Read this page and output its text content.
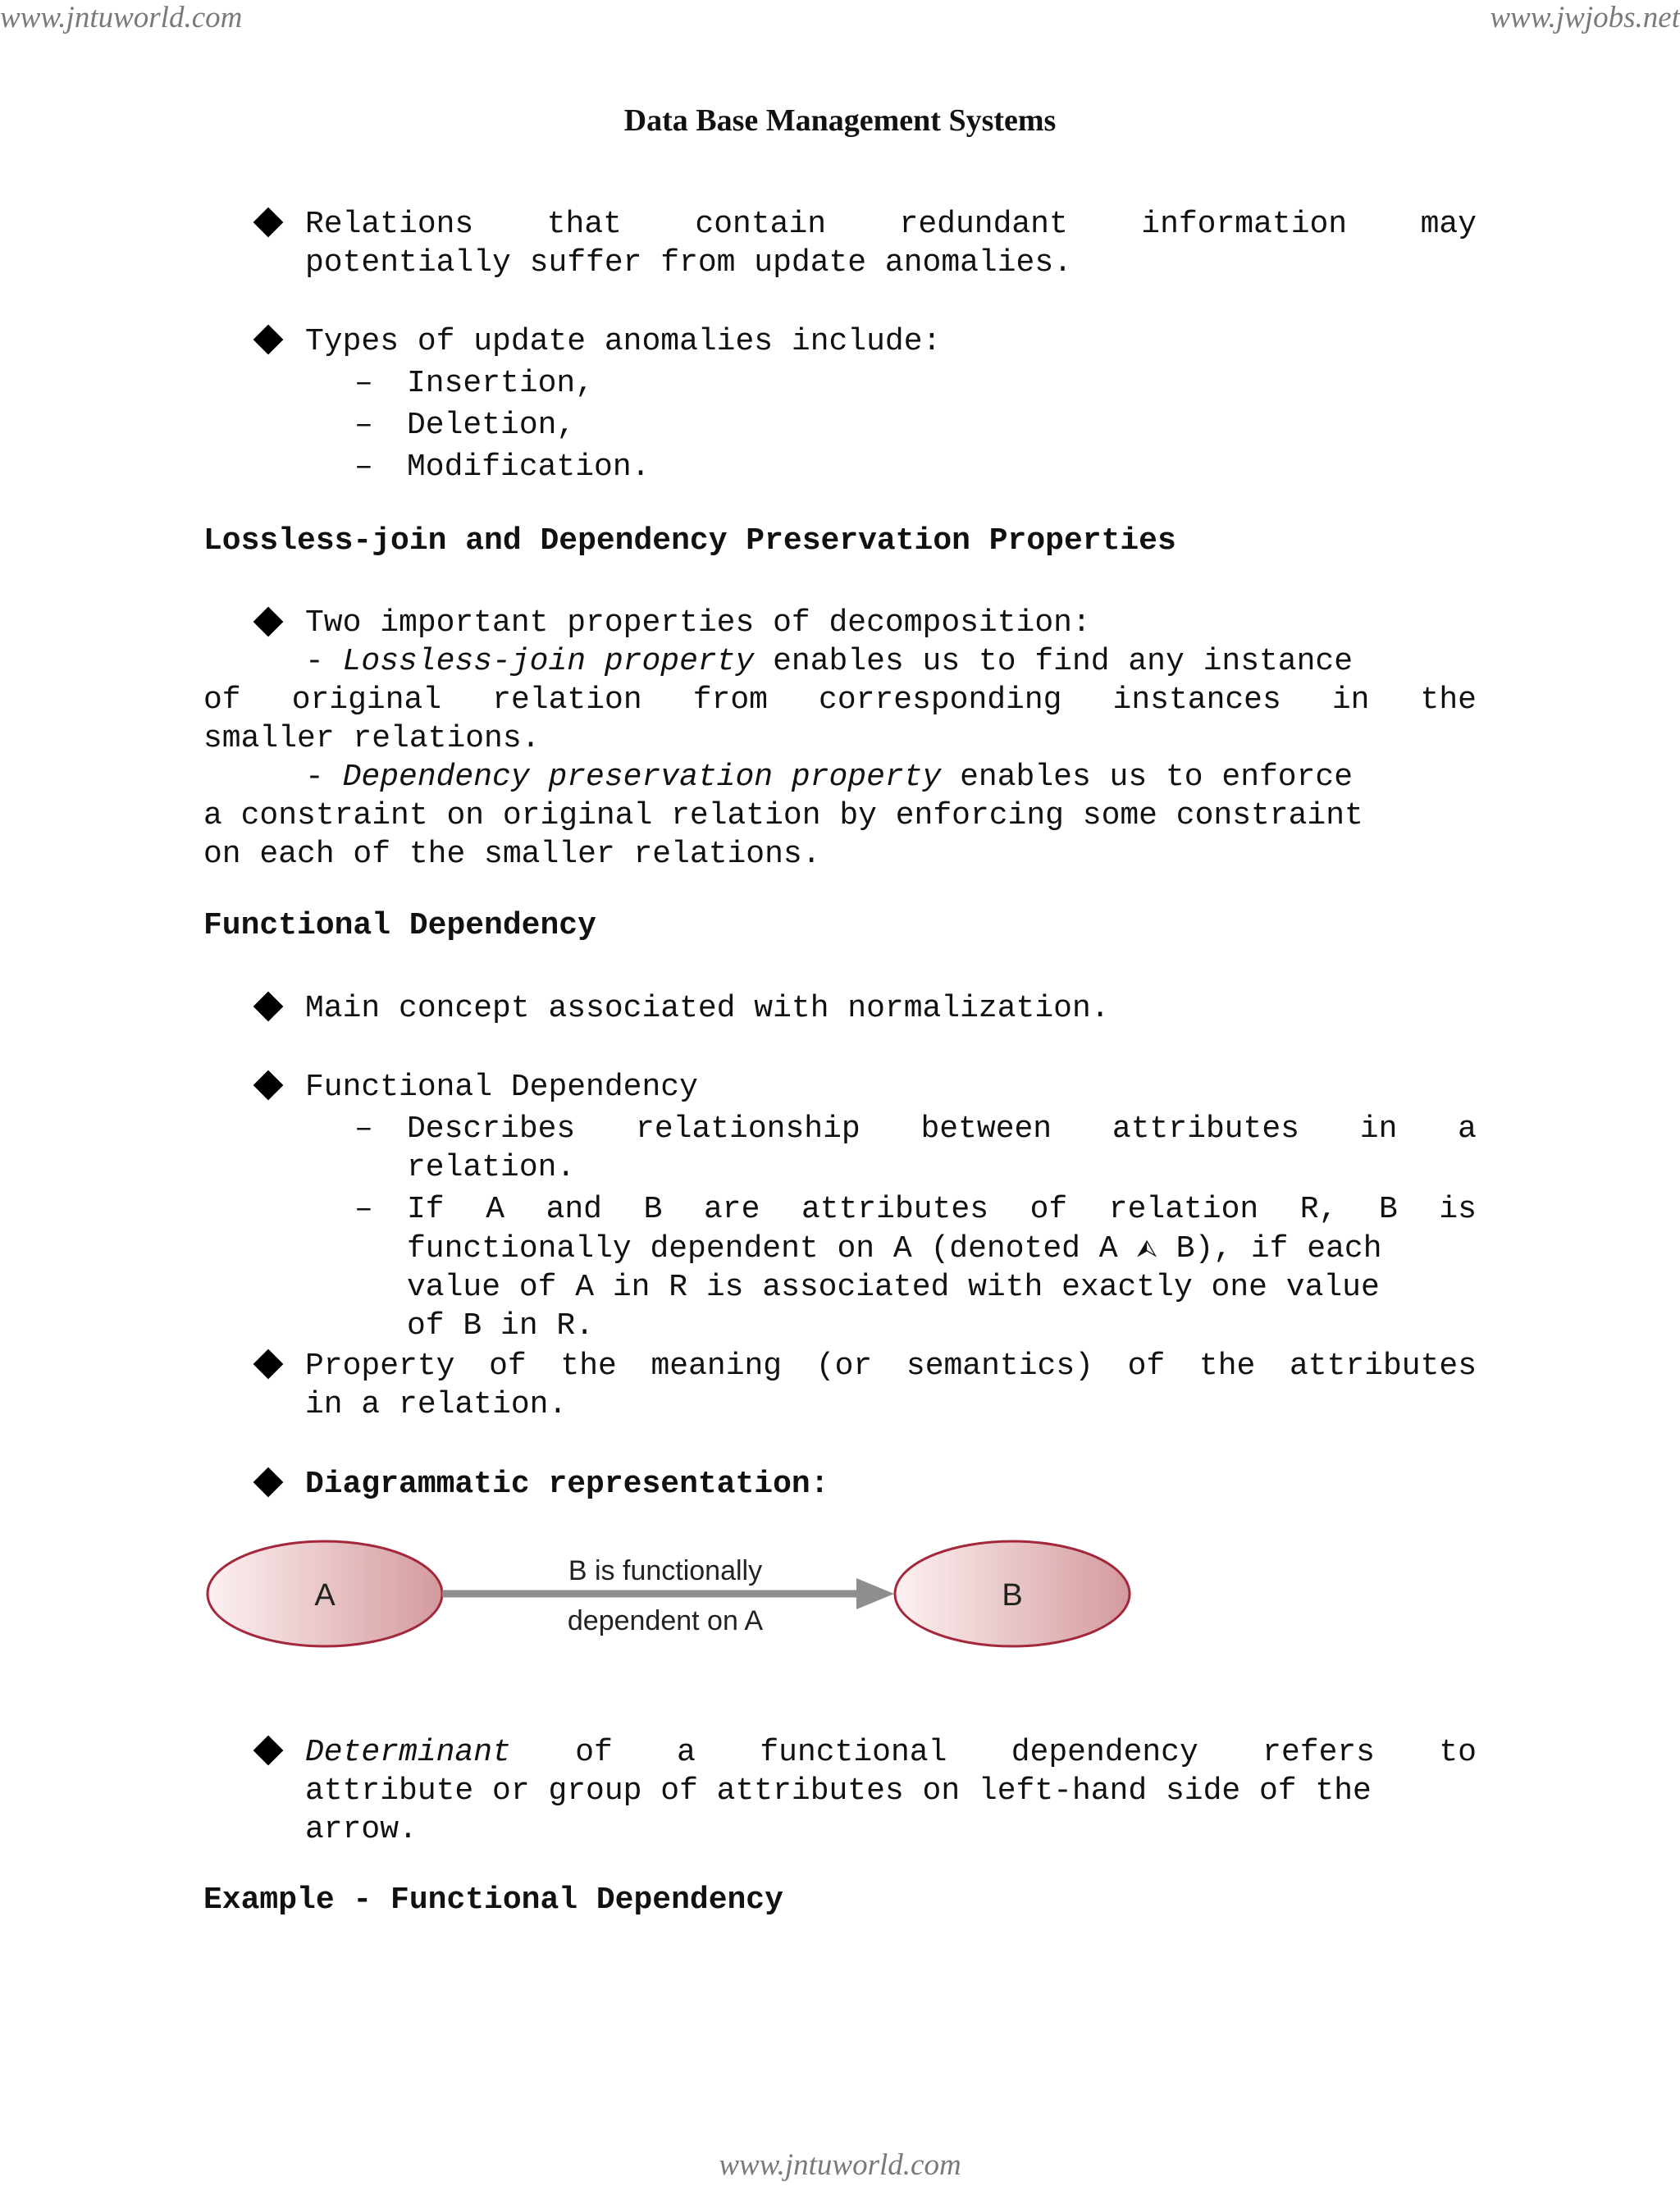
www.jntuworld.com	www.jwjobs.net
Data Base Management Systems
Relations that contain redundant information may
potentially suffer from update anomalies.
Types of update anomalies include:
– Insertion,
– Deletion,
– Modification.
Lossless-join and Dependency Preservation Properties
Two important properties of decomposition:
- Lossless-join property enables us to find any instance
of original relation from corresponding instances in the
smaller relations.
- Dependency preservation property enables us to enforce
a constraint on original relation by enforcing some constraint
on each of the smaller relations.
Functional Dependency
Main concept associated with normalization.
Functional Dependency
– Describes relationship between attributes in a
relation.
– If A and B are attributes of relation R, B is
functionally dependent on A (denoted A ⮙ B), if each
value of A in R is associated with exactly one value
of B in R.
Property of the meaning (or semantics) of the attributes
in a relation.
Diagrammatic representation:
A
B is functionally
dependent on A
B
Determinant of a functional dependency refers to
attribute or group of attributes on left-hand side of the
arrow.
Example - Functional Dependency
www.jntuworld.com
